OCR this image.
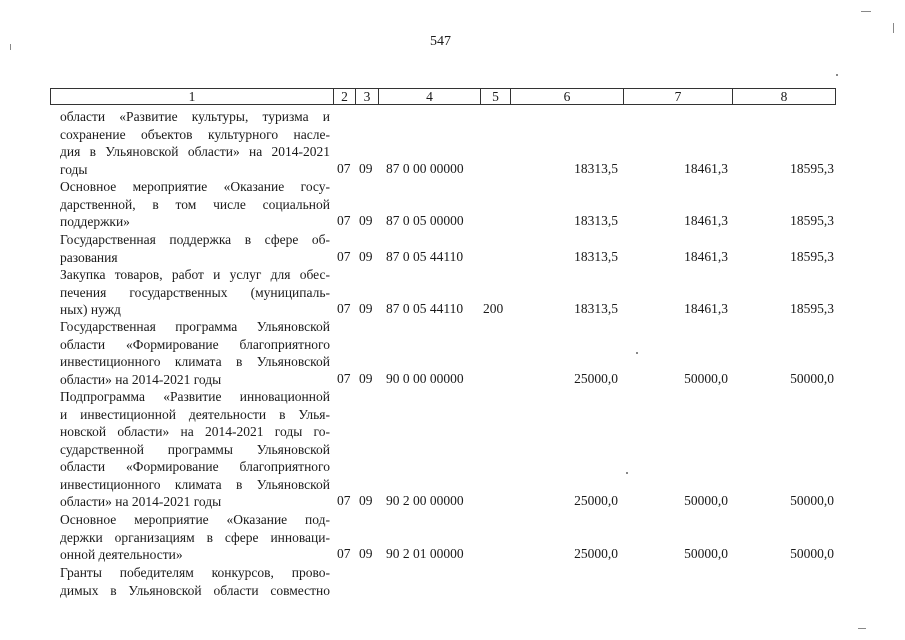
547
1	2	3	4	5	6	7	8
области «Развитие культуры, туризма и
сохранение объектов культурного насле-
дия в Ульяновской области» на 2014-2021
годы	07 09 87 0 00 00000	18313,5	18461,3	18595,3
Основное мероприятие «Оказание госу-
дарственной, в том числе социальной
поддержки»	07 09 87 0 05 00000	18313,5	18461,3	18595,3
Государственная поддержка в сфере об-
разования	07 09 87 0 05 44110	18313,5	18461,3	18595,3
Закупка товаров, работ и услуг для обес-
печения государственных (муниципаль-
ных) нужд	07 09 87 0 05 44110 200	18313,5	18461,3	18595,3
Государственная программа Ульяновской
области «Формирование благоприятного
инвестиционного климата в Ульяновской
области» на 2014-2021 годы	07 09 90 0 00 00000	25000,0	50000,0	50000,0
Подпрограмма «Развитие инновационной
и инвестиционной деятельности в Улья-
новской области» на 2014-2021 годы го-
сударственной программы Ульяновской
области «Формирование благоприятного
инвестиционного климата в Ульяновской
области» на 2014-2021 годы	07 09 90 2 00 00000	25000,0	50000,0	50000,0
Основное мероприятие «Оказание под-
держки организациям в сфере инноваци-
онной деятельности»	07 09 90 2 01 00000	25000,0	50000,0	50000,0
Гранты победителям конкурсов, прово-
димых в Ульяновской области совместно
